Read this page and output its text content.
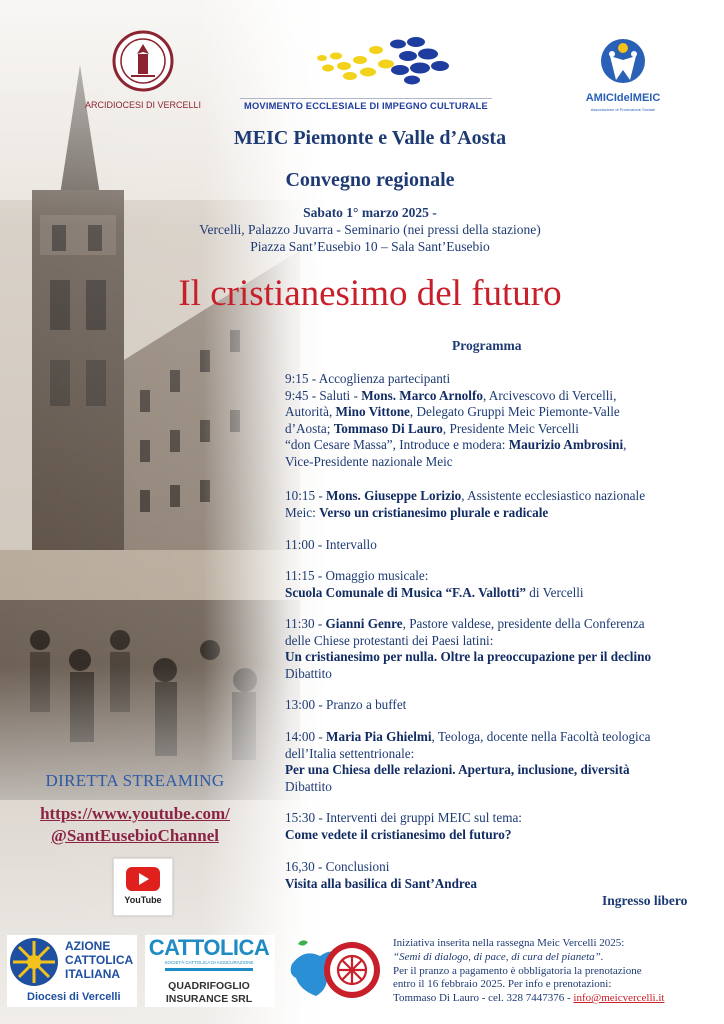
ARCIDIOCESI DI VERCELLI	MOVIMENTO ECCLESIALE DI IMPEGNO CULTURALE
AMICIdelMEIC
Associazione di Promozione Sociale
MEIC Piemonte e Valle d’Aosta
Convegno regionale
Sabato 1° marzo 2025 -
Vercelli, Palazzo Juvarra - Seminario (nei pressi della stazione)
Piazza Sant’Eusebio 10 – Sala Sant’Eusebio
Il cristianesimo del futuro
Programma

9:15 - Accoglienza partecipanti

9:45 - Saluti - Mons. Marco Arnolfo, Arcivescovo di Vercelli,

Autorità, Mino Vittone, Delegato Gruppi Meic Piemonte-Valle

d’Aosta; Tommaso Di Lauro, Presidente Meic Vercelli

“don Cesare Massa”, Introduce e modera: Maurizio Ambrosini,

Vice-Presidente nazionale Meic

10:15 - Mons. Giuseppe Lorizio, Assistente ecclesiastico nazionale

Meic: Verso un cristianesimo plurale e radicale

11:00 - Intervallo

11:15 - Omaggio musicale:

Scuola Comunale di Musica “F.A. Vallotti” di Vercelli

11:30 - Gianni Genre, Pastore valdese, presidente della Conferenza

delle Chiese protestanti dei Paesi latini:

Un cristianesimo per nulla. Oltre la preoccupazione per il declino

Dibattito

13:00 - Pranzo a buffet

14:00 - Maria Pia Ghielmi, Teologa, docente nella Facoltà teologica

dell’Italia settentrionale:

Per una Chiesa delle relazioni. Apertura, inclusione, diversità

Dibattito

15:30 - Interventi dei gruppi MEIC sul tema:

Come vedete il cristianesimo del futuro?

16,30 - Conclusioni

Visita alla basilica di Sant’Andrea

Ingresso libero
DIRETTA STREAMING
https://www.youtube.com/
@SantEusebioChannel
YouTube
AZIONE
CATTOLICA
ITALIANA
Diocesi di Vercelli
CATTOLICA
SOCIETÀ CATTOLICA DI ASSICURAZIONE
QUADRIFOGLIO
INSURANCE SRL
Iniziativa inserita nella rassegna Meic Vercelli 2025:
“Semi di dialogo, di pace, di cura del pianeta”.
Per il pranzo a pagamento è obbligatoria la prenotazione
entro il 16 febbraio 2025. Per info e prenotazioni:
Tommaso Di Lauro - cel. 328 7447376 - info@meicvercelli.it
